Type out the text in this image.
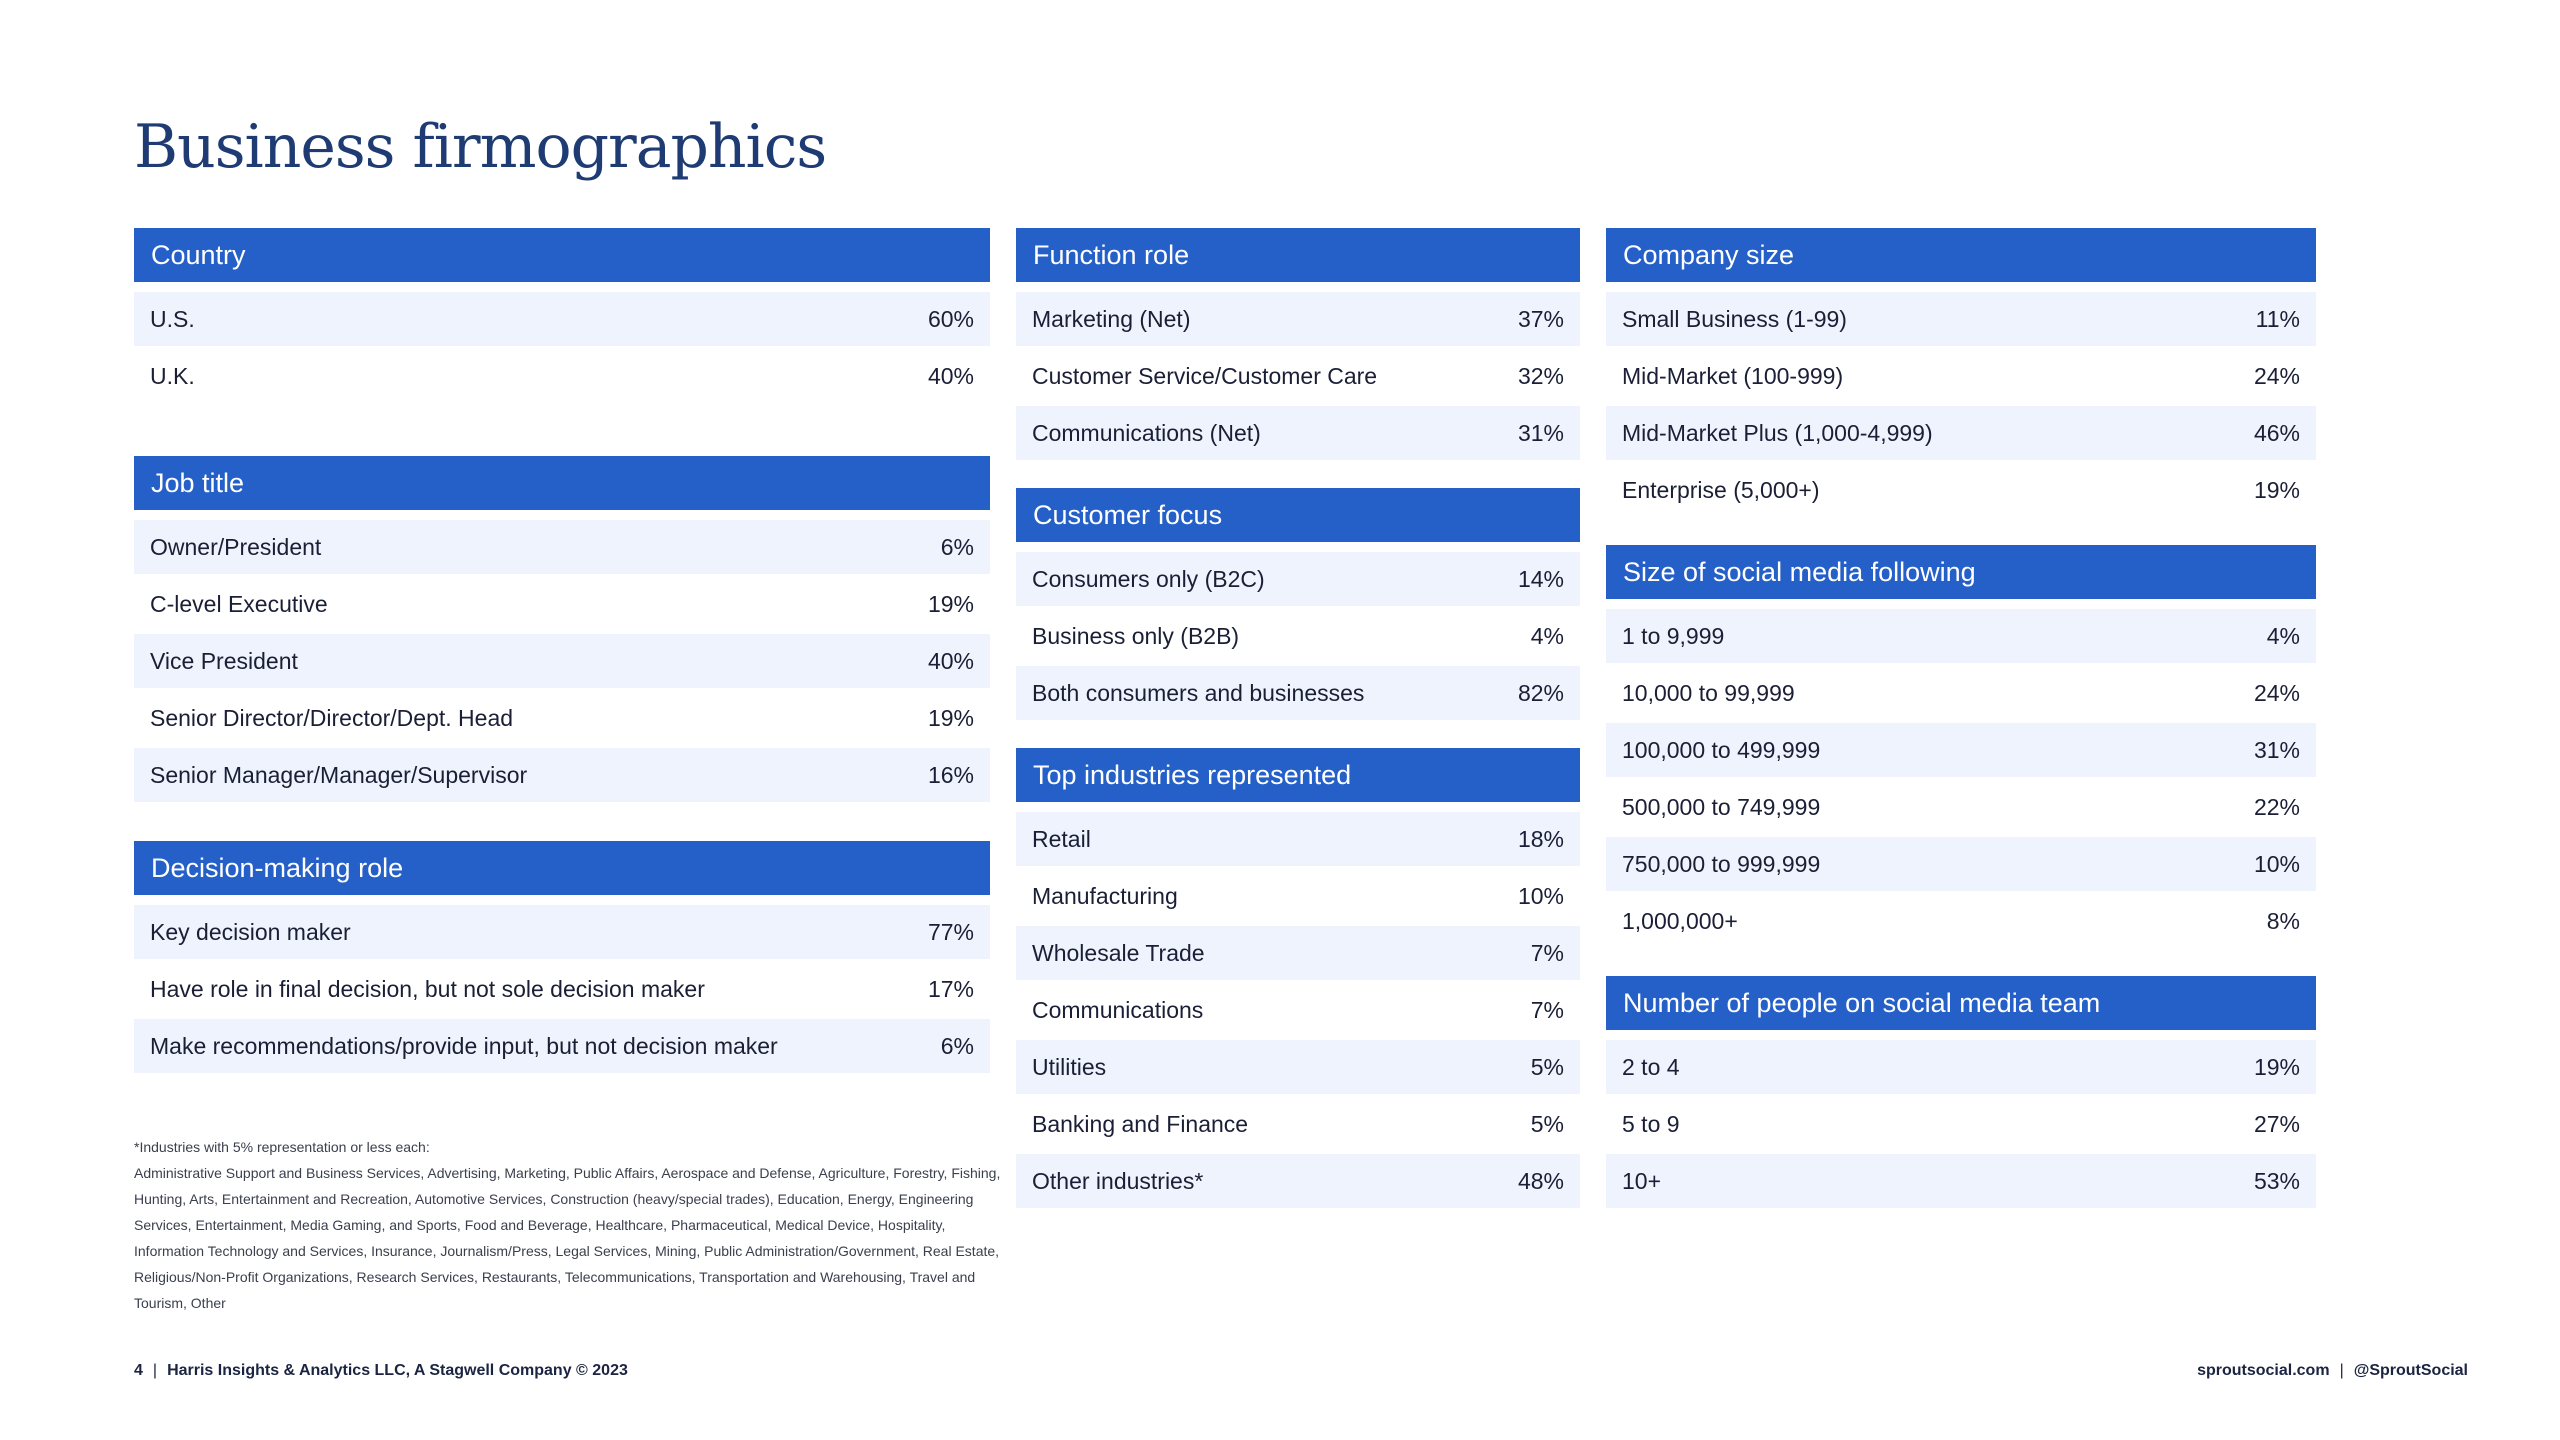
Business firmographics
Country
U.S.	60%
U.K.	40%
Job title
Owner/President	6%
C-level Executive	19%
Vice President	40%
Senior Director/Director/Dept. Head	19%
Senior Manager/Manager/Supervisor	16%
Decision-making role
Key decision maker	77%
Have role in final decision, but not sole decision maker	17%
Make recommendations/provide input, but not decision maker	6%
Function role
Marketing (Net)	37%
Customer Service/Customer Care	32%
Communications (Net)	31%
Customer focus
Consumers only (B2C)	14%
Business only (B2B)	4%
Both consumers and businesses	82%
Top industries represented
Retail	18%
Manufacturing	10%
Wholesale Trade	7%
Communications	7%
Utilities	5%
Banking and Finance	5%
Other industries*	48%
Company size
Small Business (1-99)	11%
Mid-Market (100-999)	24%
Mid-Market Plus (1,000-4,999)	46%
Enterprise (5,000+)	19%
Size of social media following
1 to 9,999	4%
10,000 to 99,999	24%
100,000 to 499,999	31%
500,000 to 749,999	22%
750,000 to 999,999	10%
1,000,000+	8%
Number of people on social media team
2 to 4	19%
5 to 9	27%
10+	53%

*Industries with 5% representation or less each:

Administrative Support and Business Services, Advertising, Marketing, Public Affairs, Aerospace and Defense, Agriculture, Forestry, Fishing, Hunting, Arts, Entertainment and Recreation, Automotive Services, Construction (heavy/special trades), Education, Energy, Engineering Services, Entertainment, Media Gaming, and Sports, Food and Beverage, Healthcare, Pharmaceutical, Medical Device, Hospitality, Information Technology and Services, Insurance, Journalism/Press, Legal Services, Mining, Public Administration/Government, Real Estate, Religious/Non-Profit Organizations, Research Services, Restaurants, Telecommunications, Transportation and Warehousing, Travel and Tourism, Other

4 | Harris Insights & Analytics LLC, A Stagwell Company © 2023	sproutsocial.com | @SproutSocial
